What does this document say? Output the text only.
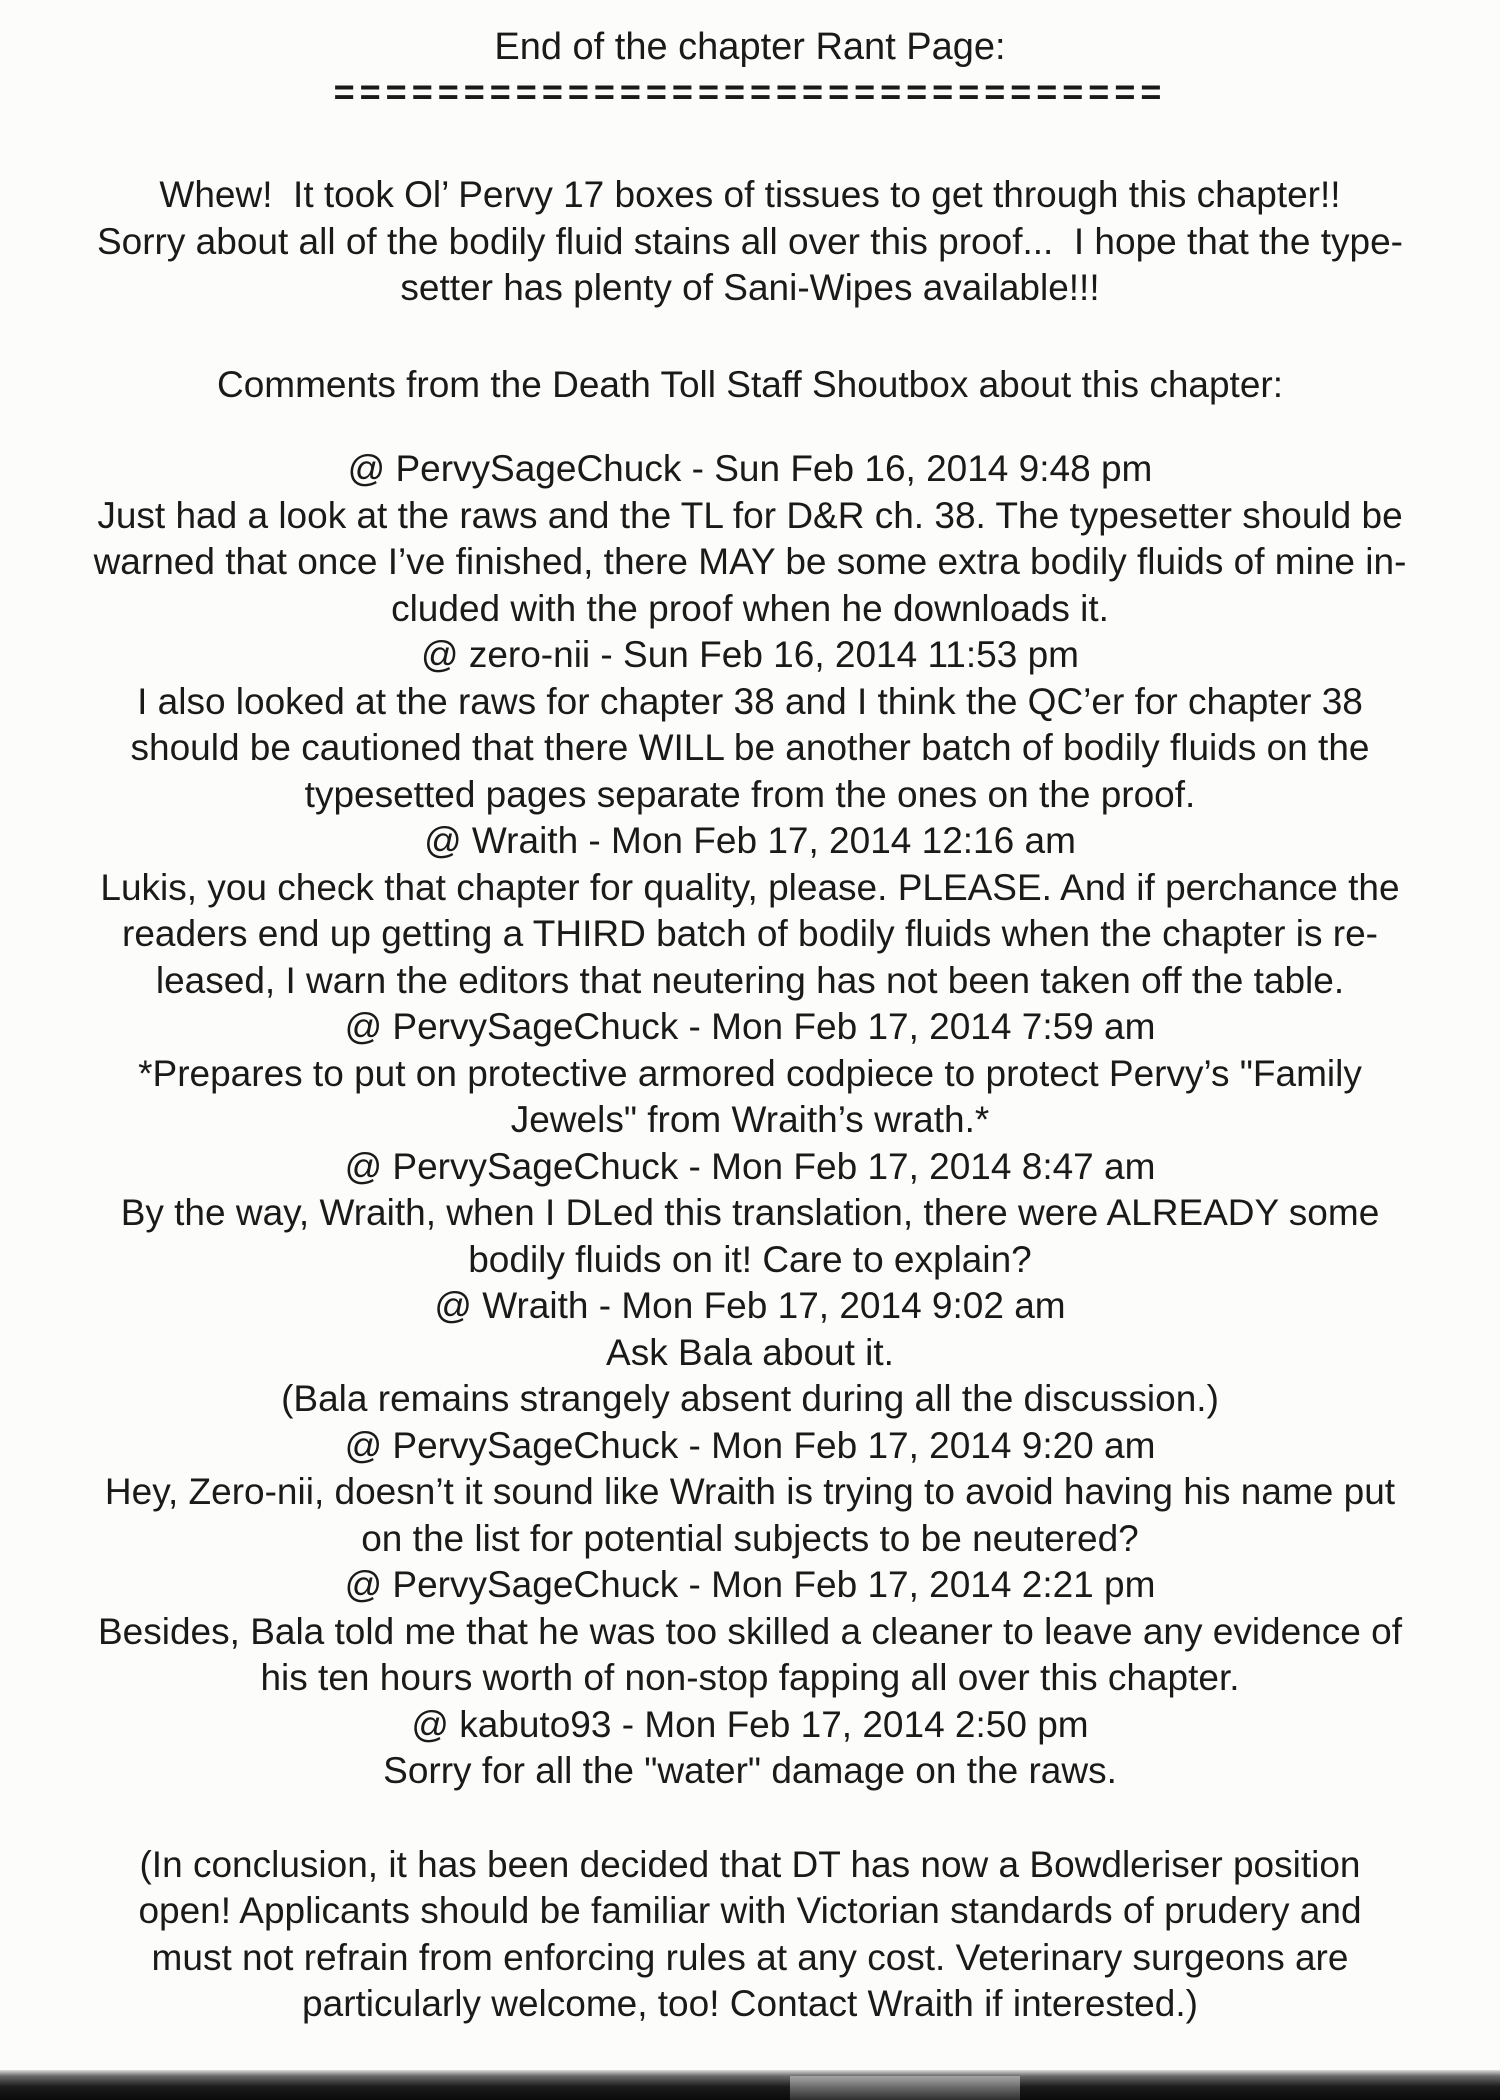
End of the chapter Rant Page:
================================
Whew!  It took Ol’ Pervy 17 boxes of tissues to get through this chapter!!
Sorry about all of the bodily fluid stains all over this proof...  I hope that the type-
setter has plenty of Sani-Wipes available!!!
Comments from the Death Toll Staff Shoutbox about this chapter:
@ PervySageChuck - Sun Feb 16, 2014 9:48 pm
Just had a look at the raws and the TL for D&R ch. 38. The typesetter should be
warned that once I’ve finished, there MAY be some extra bodily fluids of mine in-
cluded with the proof when he downloads it.
@ zero-nii - Sun Feb 16, 2014 11:53 pm
I also looked at the raws for chapter 38 and I think the QC’er for chapter 38
should be cautioned that there WILL be another batch of bodily fluids on the
typesetted pages separate from the ones on the proof.
@ Wraith - Mon Feb 17, 2014 12:16 am
Lukis, you check that chapter for quality, please. PLEASE. And if perchance the
readers end up getting a THIRD batch of bodily fluids when the chapter is re-
leased, I warn the editors that neutering has not been taken off the table.
@ PervySageChuck - Mon Feb 17, 2014 7:59 am
*Prepares to put on protective armored codpiece to protect Pervy’s "Family
Jewels" from Wraith’s wrath.*
@ PervySageChuck - Mon Feb 17, 2014 8:47 am
By the way, Wraith, when I DLed this translation, there were ALREADY some
bodily fluids on it! Care to explain?
@ Wraith - Mon Feb 17, 2014 9:02 am
Ask Bala about it.
(Bala remains strangely absent during all the discussion.)
@ PervySageChuck - Mon Feb 17, 2014 9:20 am
Hey, Zero-nii, doesn’t it sound like Wraith is trying to avoid having his name put
on the list for potential subjects to be neutered?
@ PervySageChuck - Mon Feb 17, 2014 2:21 pm
Besides, Bala told me that he was too skilled a cleaner to leave any evidence of
his ten hours worth of non-stop fapping all over this chapter.
@ kabuto93 - Mon Feb 17, 2014 2:50 pm
Sorry for all the "water" damage on the raws.
(In conclusion, it has been decided that DT has now a Bowdleriser position
open! Applicants should be familiar with Victorian standards of prudery and
must not refrain from enforcing rules at any cost. Veterinary surgeons are
particularly welcome, too! Contact Wraith if interested.)
